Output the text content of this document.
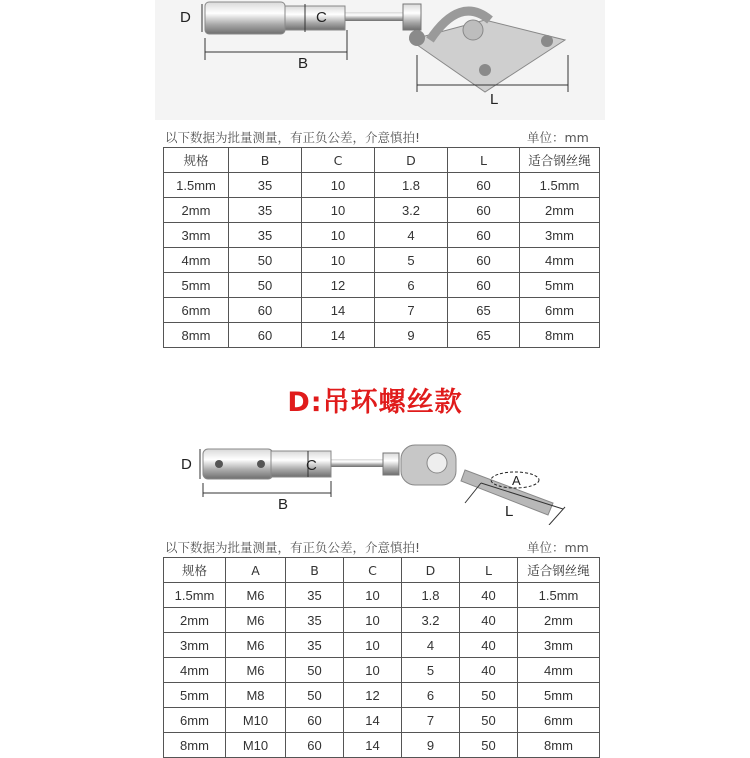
D	C
B
L
以下数据为批量测量，有正负公差，介意慎拍!	单位：mm
规格	B	C	D	L	适合钢丝绳
1.5mm	35	10	1.8	60	1.5mm
2mm	35	10	3.2	60	2mm
3mm	35	10	4	60	3mm
4mm	50	10	5	60	4mm
5mm	50	12	6	60	5mm
6mm	60	14	7	65	6mm
8mm	60	14	9	65	8mm
D:吊环螺丝款
D	C
B
A
L
以下数据为批量测量，有正负公差，介意慎拍!	单位：mm
规格	A	B	C	D	L	适合钢丝绳
1.5mm	M6	35	10	1.8	40	1.5mm
2mm	M6	35	10	3.2	40	2mm
3mm	M6	35	10	4	40	3mm
4mm	M6	50	10	5	40	4mm
5mm	M8	50	12	6	50	5mm
6mm	M10	60	14	7	50	6mm
8mm	M10	60	14	9	50	8mm
